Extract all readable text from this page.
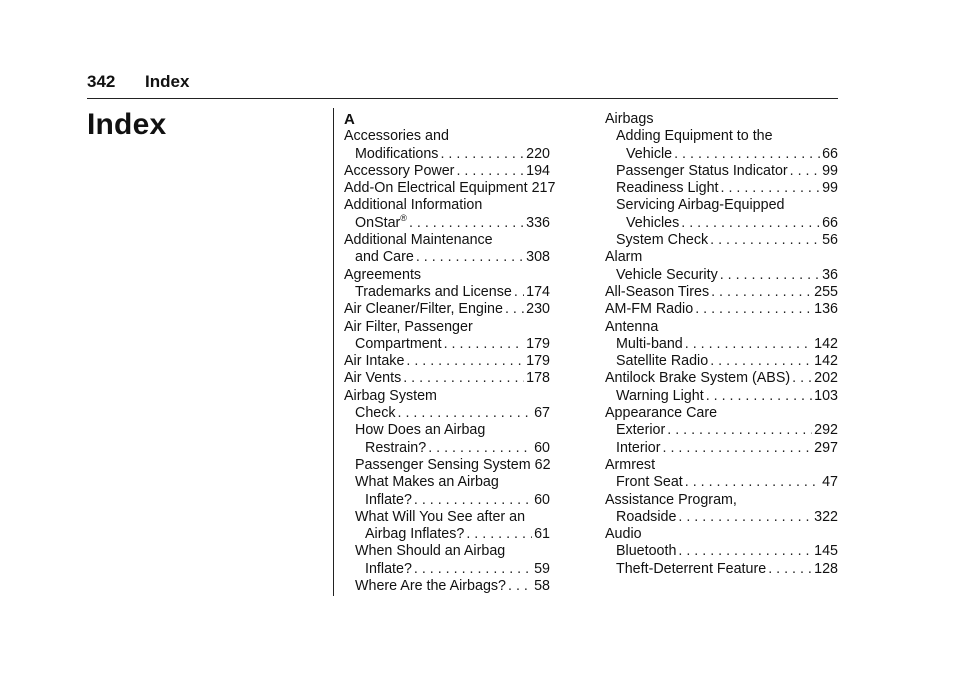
342 Index
Index	A
Accessories and
Modifications . . .	220
Accessory Power . . .	194
Add-On Electrical Equipment 217
Additional Information
OnStar® . . .	336
Additional Maintenance
and Care . . .	308
Agreements
Trademarks and License . . . 174
Air Cleaner/Filter, Engine . . . 230
Air Filter, Passenger
Compartment . . .	179
Air Intake . . .	179
Air Vents . . .	178
Airbag System
Check . . .	67
How Does an Airbag
Restrain? . . .	60
Passenger Sensing System 62
What Makes an Airbag
Inflate? . . .	60
What Will You See after an
Airbag Inflates? . . .	61
When Should an Airbag
Inflate? . . .	59
Where Are the Airbags? . . . 58
Airbags
Adding Equipment to the
Vehicle . . .	66
Passenger Status Indicator . . . 99
Readiness Light . . .	99
Servicing Airbag-Equipped
Vehicles . . .	66
System Check . . .	56
Alarm
Vehicle Security . . .	36
All-Season Tires . . .	255
AM-FM Radio . . .	136
Antenna
Multi-band . . .	142
Satellite Radio . . .	142
Antilock Brake System (ABS) . . . 202
Warning Light . . .	103
Appearance Care
Exterior . . .	292
Interior . . .	297
Armrest
Front Seat . . .	47
Assistance Program,
Roadside . . .	322
Audio
Bluetooth . . .	145
Theft-Deterrent Feature . . .	128
